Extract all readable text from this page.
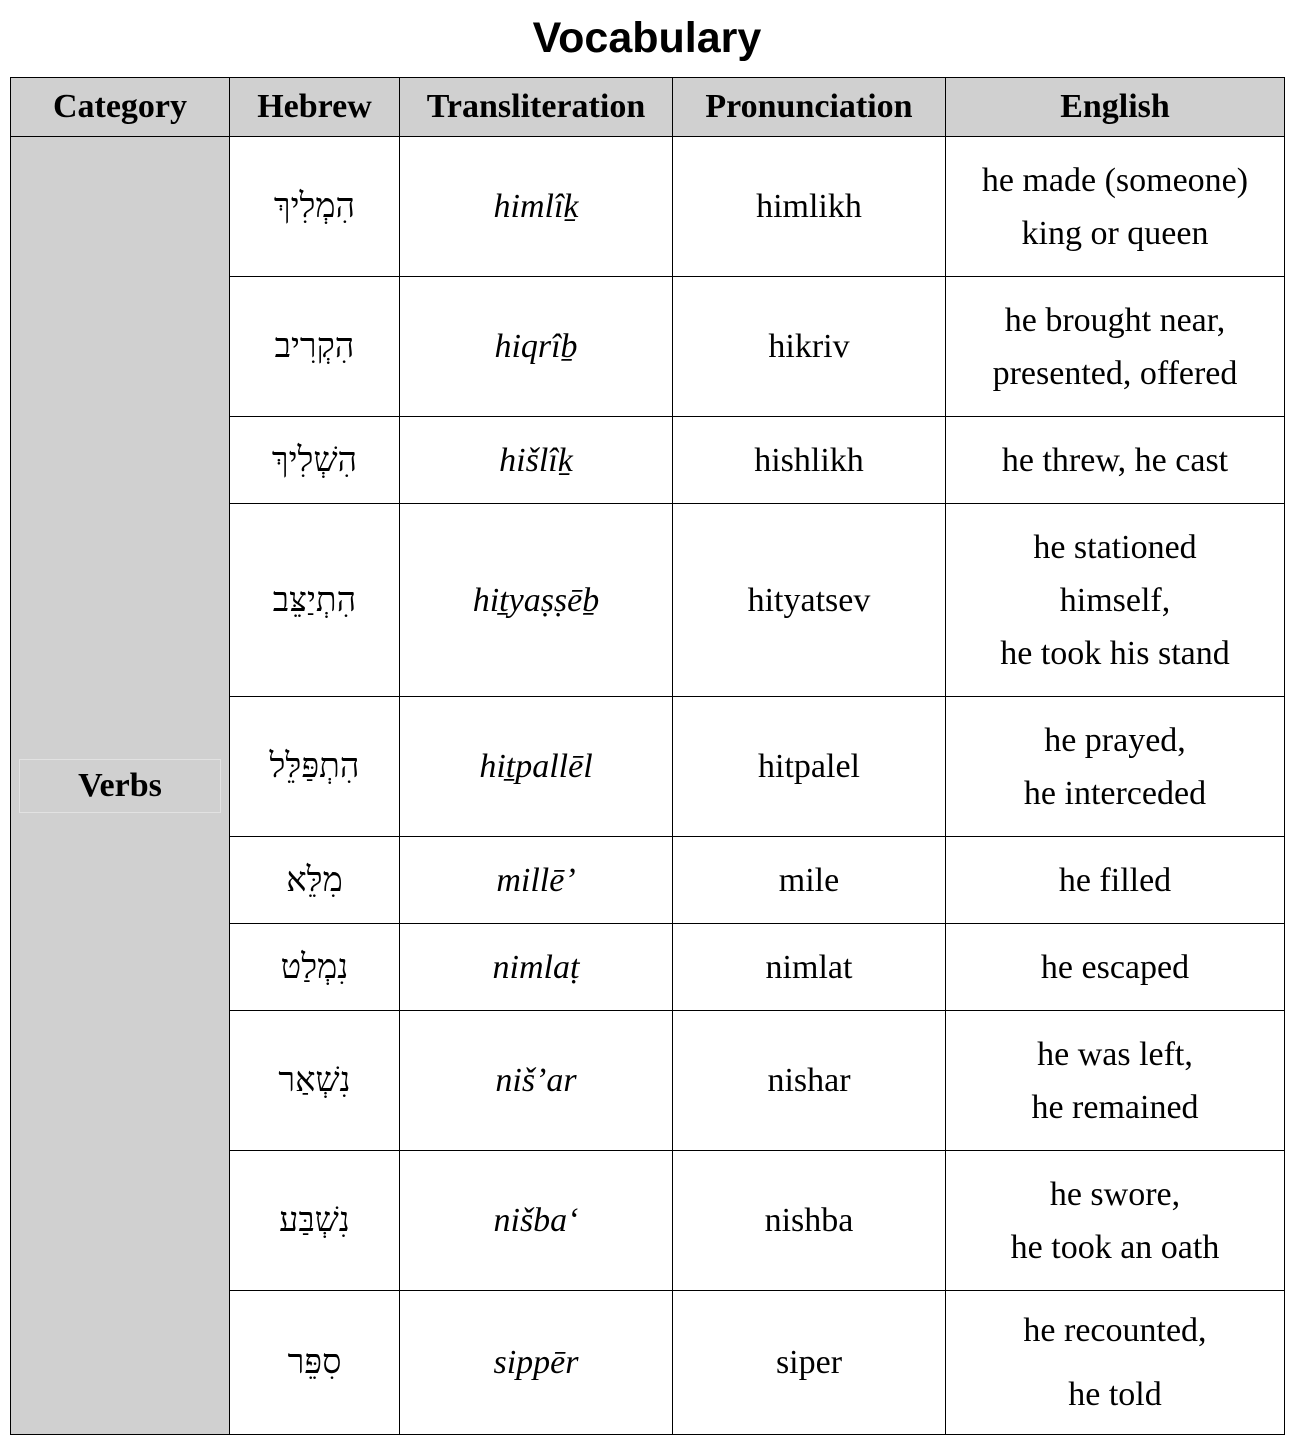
Vocabulary
Category	Hebrew	Transliteration	Pronunciation	English

Verbs	הִמְלִיךְ	himlîḵ	himlikh	he made (someone)
king or queen

	הִקְרִיב	hiqrîḇ	hikriv	he brought near,
presented, offered

	הִשְׁלִיךְ	hišlîḵ	hishlikh	he threw, he cast

	הִתְיַצֵּב	hiṯyaṣṣēḇ	hityatsev	he stationed
himself,
he took his stand

	הִתְפַּלֵּל	hiṯpallēl	hitpalel	he prayed,
he interceded

	מִלֵּא	millēʼ	mile	he filled

	נִמְלַט	nimlaṭ	nimlat	he escaped

	נִשְׁאַר	nišʼar	nishar	he was left,
he remained

	נִשְׁבַּע	nišbaʻ	nishba	he swore,
he took an oath

	סִפֵּר	sippēr	siper	he recounted,
he told
